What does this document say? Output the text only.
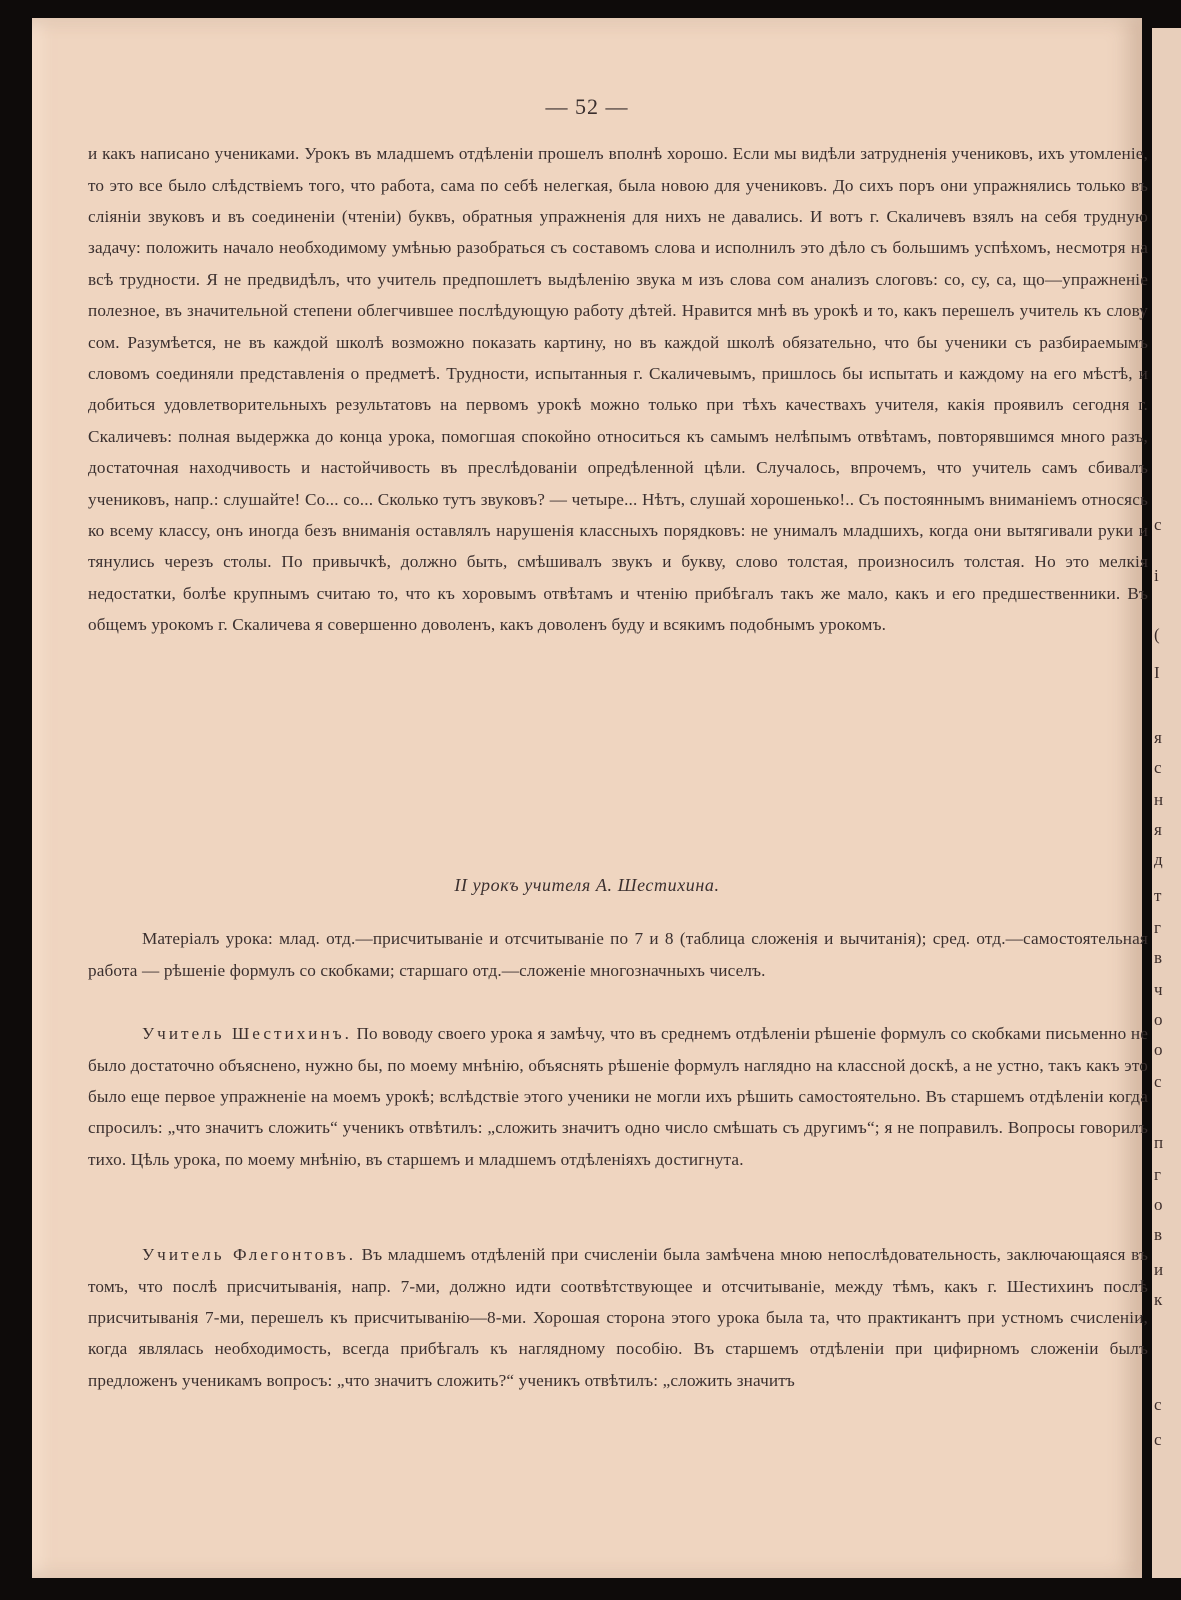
— 52 —

и какъ написано учениками. Урокъ въ младшемъ отдѣленіи прошелъ вполнѣ хорошо. Если мы видѣли затрудненія учениковъ, ихъ утомленіе, то это все было слѣдствіемъ того, что работа, сама по себѣ нелегкая, была новою для учениковъ. До сихъ поръ они упражнялись только въ сліяніи звуковъ и въ соединеніи (чтеніи) буквъ, обратныя упражненія для нихъ не давались. И вотъ г. Скаличевъ взялъ на себя трудную задачу: положить начало необходимому умѣнью разобраться съ составомъ слова и исполнилъ это дѣло съ большимъ успѣхомъ, несмотря на всѣ трудности. Я не предвидѣлъ, что учитель предпошлетъ выдѣленію звука м изъ слова сом анализъ слоговъ: со, су, са, що—упражненіе полезное, въ значительной степени облегчившее послѣдующую работу дѣтей. Нравится мнѣ въ урокѣ и то, какъ перешелъ учитель къ слову сом. Разумѣется, не въ каждой школѣ возможно показать картину, но въ каждой школѣ обязательно, что бы ученики съ разбираемымъ словомъ соединяли представленія о предметѣ. Трудности, испытанныя г. Скаличевымъ, пришлось бы испытать и каждому на его мѣстѣ, и добиться удовлетворительныхъ результатовъ на первомъ урокѣ можно только при тѣхъ качествахъ учителя, какія проявилъ сегодня г. Скаличевъ: полная выдержка до конца урока, помогшая спокойно относиться къ самымъ нелѣпымъ отвѣтамъ, повторявшимся много разъ, достаточная находчивость и настойчивость въ преслѣдованіи опредѣленной цѣли. Случалось, впрочемъ, что учитель самъ сбивалъ учениковъ, напр.: слушайте! Со... со... Сколько тутъ звуковъ? — четыре... Нѣтъ, слушай хорошенько!.. Съ постояннымъ вниманіемъ относясь ко всему классу, онъ иногда безъ вниманія оставлялъ нарушенія классныхъ порядковъ: не унималъ младшихъ, когда они вытягивали руки и тянулись черезъ столы. По привычкѣ, должно быть, смѣшивалъ звукъ и букву, слово толстая, произносилъ толстая. Но это мелкія недостатки, болѣе крупнымъ считаю то, что къ хоровымъ отвѣтамъ и чтенію прибѣгалъ такъ же мало, какъ и его предшественники. Въ общемъ урокомъ г. Скаличева я совершенно доволенъ, какъ доволенъ буду и всякимъ подобнымъ урокомъ.

II урокъ учителя А. Шестихина.

Матеріалъ урока: млад. отд.—присчитываніе и отсчитываніе по 7 и 8 (таблица сложенія и вычитанія); сред. отд.—самостоятельная работа — рѣшеніе формулъ со скобками; старшаго отд.—сложеніе многозначныхъ чиселъ.

Учитель Шестихинъ. По воводу своего урока я замѣчу, что въ среднемъ отдѣленіи рѣшеніе формулъ со скобками письменно не было достаточно объяснено, нужно бы, по моему мнѣнію, объяснять рѣшеніе формулъ наглядно на классной доскѣ, а не устно, такъ какъ это было еще первое упражненіе на моемъ урокѣ; вслѣдствіе этого ученики не могли ихъ рѣшить самостоятельно. Въ старшемъ отдѣленіи когда спросилъ: „что значитъ сложить“ ученикъ отвѣтилъ: „сложить значитъ одно число смѣшать съ другимъ“; я не поправилъ. Вопросы говорилъ тихо. Цѣль урока, по моему мнѣнію, въ старшемъ и младшемъ отдѣленіяхъ достигнута.

Учитель Флегонтовъ. Въ младшемъ отдѣленій при счисленіи была замѣчена мною непослѣдовательность, заключающаяся въ томъ, что послѣ присчитыванія, напр. 7-ми, должно идти соотвѣтствующее и отсчитываніе, между тѣмъ, какъ г. Шестихинъ послѣ присчитыванія 7-ми, перешелъ къ присчитыванію—8-ми. Хорошая сторона этого урока была та, что практикантъ при устномъ счисленіи, когда являлась необходимость, всегда прибѣгалъ къ наглядному пособію. Въ старшемъ отдѣленіи при цифирномъ сложеніи былъ предложенъ ученикамъ вопросъ: „что значитъ сложить?“ ученикъ отвѣтилъ: „сложить значитъ

с
і
(
І
я
с
н
я
д
т
г
в
ч
о
о
с
п
г
о
в
и
к
с
с
